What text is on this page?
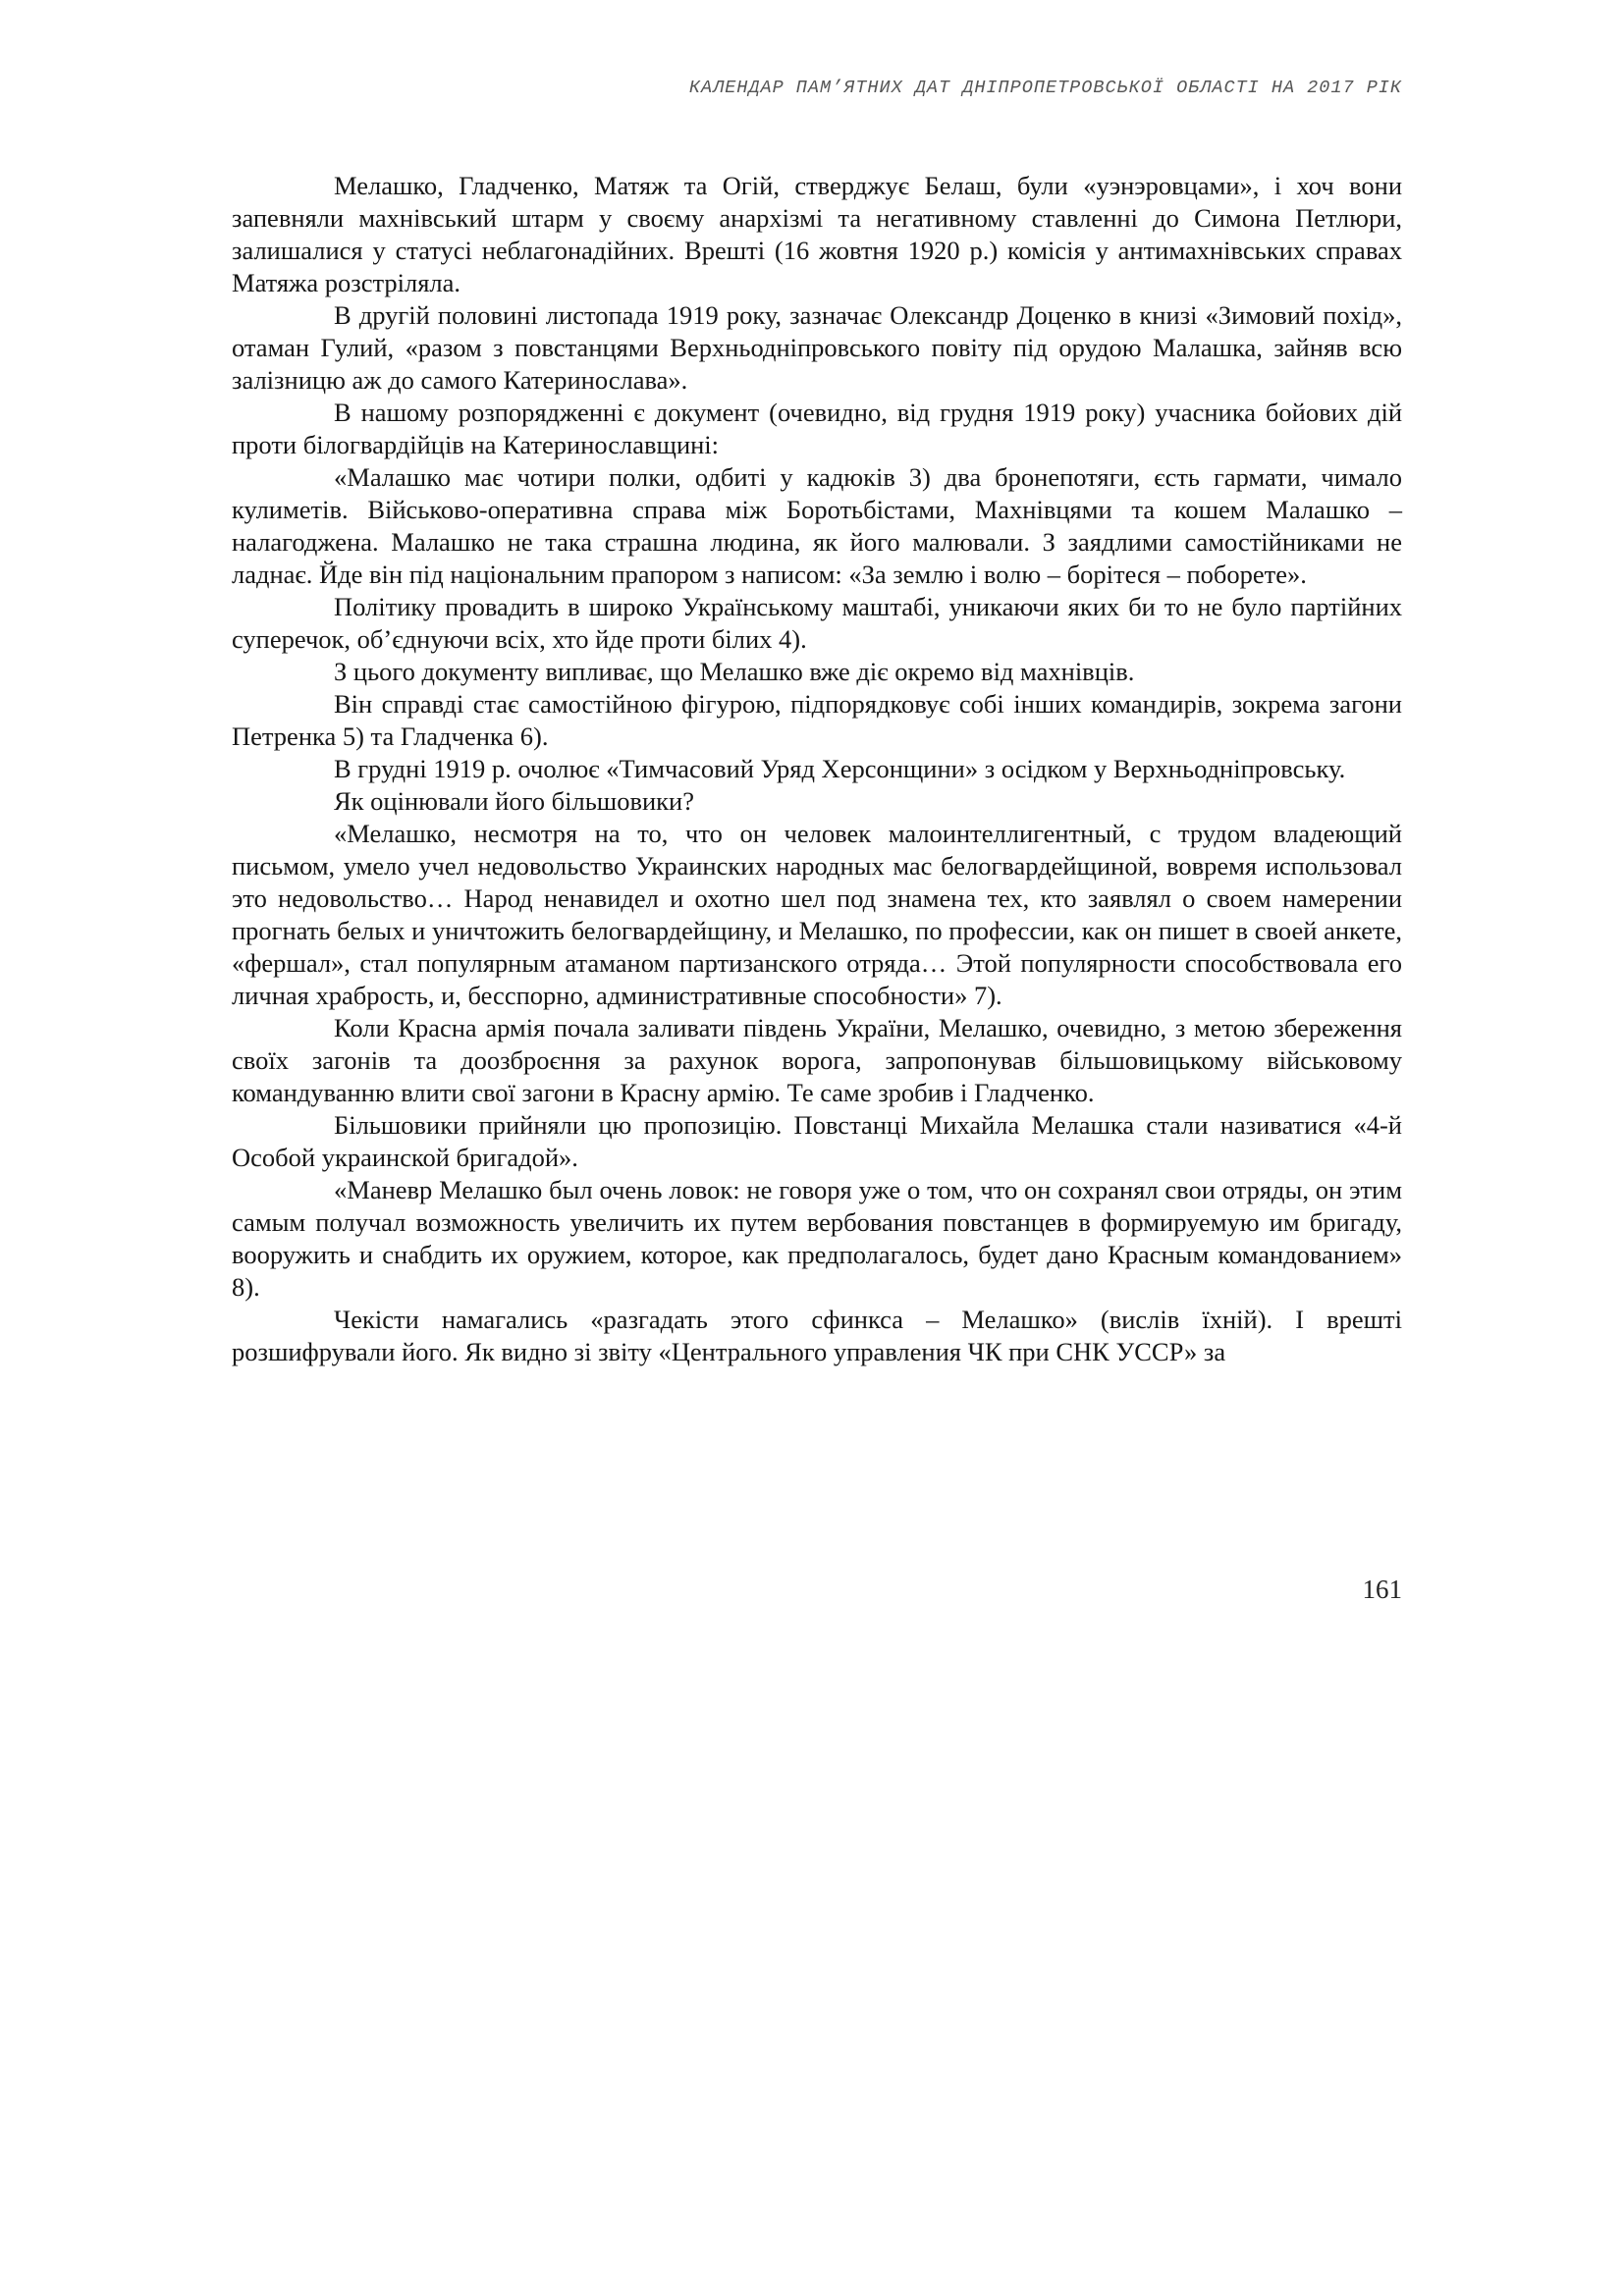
КАЛЕНДАР ПАМ’ЯТНИХ ДАТ ДНІПРОПЕТРОВСЬКОЇ ОБЛАСТІ НА 2017 РІК

Мелашко, Гладченко, Матяж та Огій, стверджує Белаш, були «уэнэровцами», і хоч вони запевняли махнівський штарм у своєму анархізмі та негативному ставленні до Симона Петлюри, залишалися у статусі неблагонадійних. Врешті (16 жовтня 1920 р.) комісія у антимахнівських справах Матяжа розстріляла.

В другій половині листопада 1919 року, зазначає Олександр Доценко в книзі «Зимовий похід», отаман Гулий, «разом з повстанцями Верхньодніпровського повіту під орудою Малашка, зайняв всю залізницю аж до самого Катеринослава».

В нашому розпорядженні є документ (очевидно, від грудня 1919 року) учасника бойових дій проти білогвардійців на Катеринославщині:

«Малашко має чотири полки, одбиті у кадюків 3) два бронепотяги, єсть гармати, чимало кулиметів. Військово-оперативна справа між Боротьбістами, Махнівцями та кошем Малашко – налагоджена. Малашко не така страшна людина, як його малювали. З заядлими самостійниками не ладнає. Йде він під національним прапором з написом: «За землю і волю – борітеся – поборете».

Політику провадить в широко Українському маштабі, уникаючи яких би то не було партійних суперечок, об’єднуючи всіх, хто йде проти білих 4).

З цього документу випливає, що Мелашко вже діє окремо від махнівців.

Він справді стає самостійною фігурою, підпорядковує собі інших командирів, зокрема загони Петренка 5) та Гладченка 6).

В грудні 1919 р. очолює «Тимчасовий Уряд Херсонщини» з осідком у Верхньодніпровську.

Як оцінювали його більшовики?

«Мелашко, несмотря на то, что он человек малоинтеллигентный, с трудом владеющий письмом, умело учел недовольство Украинских народных мас белогвардейщиной, вовремя использовал это недовольство… Народ ненавидел и охотно шел под знамена тех, кто заявлял о своем намерении прогнать белых и уничтожить белогвардейщину, и Мелашко, по профессии, как он пишет в своей анкете, «фершал», стал популярным атаманом партизанского отряда… Этой популярности способствовала его личная храбрость, и, бесспорно, административные способности» 7).

Коли Красна армія почала заливати південь України, Мелашко, очевидно, з метою збереження своїх загонів та доозброєння за рахунок ворога, запропонував більшовицькому військовому командуванню влити свої загони в Красну армію. Те саме зробив і Гладченко.

Більшовики прийняли цю пропозицію. Повстанці Михайла Мелашка стали називатися «4-й Особой украинской бригадой».

«Маневр Мелашко был очень ловок: не говоря уже о том, что он сохранял свои отряды, он этим самым получал возможность увеличить их путем вербования повстанцев в формируемую им бригаду, вооружить и снабдить их оружием, которое, как предполагалось, будет дано Красным командованием» 8).

Чекісти намагались «разгадать этого сфинкса – Мелашко» (вислів їхній). І врешті розшифрували його. Як видно зі звіту «Центрального управления ЧК при СНК УССР» за

161
